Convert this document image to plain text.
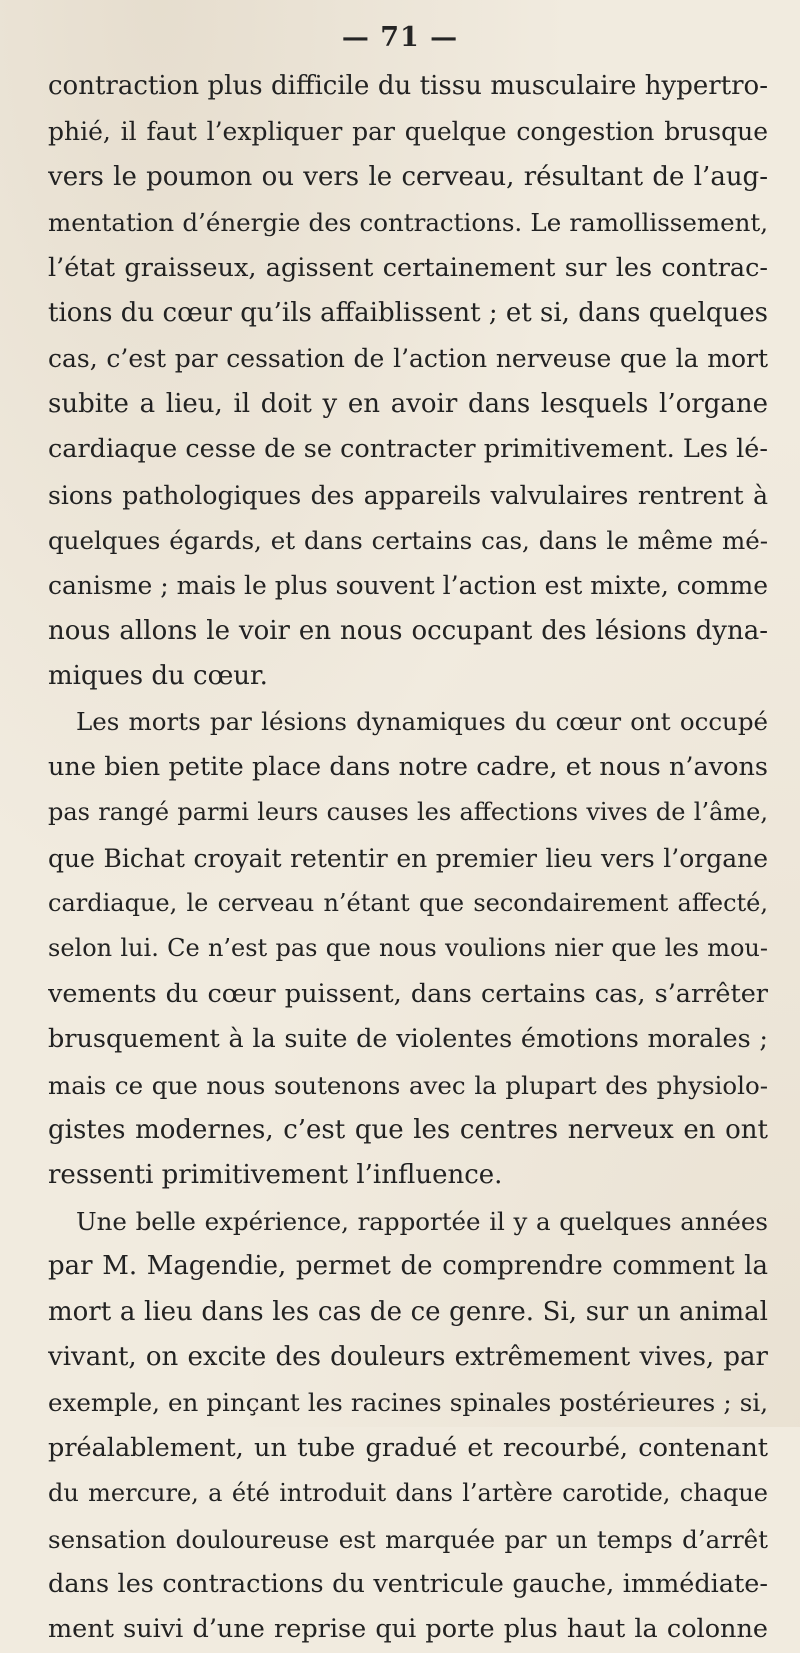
— 71 —
contraction plus difficile du tissu musculaire hypertro-
phié, il faut l’expliquer par quelque congestion brusque
vers le poumon ou vers le cerveau, résultant de l’aug-
mentation d’énergie des contractions. Le ramollissement,
l’état graisseux, agissent certainement sur les contrac-
tions du cœur qu’ils affaiblissent ; et si, dans quelques
cas, c’est par cessation de l’action nerveuse que la mort
subite a lieu, il doit y en avoir dans lesquels l’organe
cardiaque cesse de se contracter primitivement. Les lé-
sions pathologiques des appareils valvulaires rentrent à
quelques égards, et dans certains cas, dans le même mé-
canisme ; mais le plus souvent l’action est mixte, comme
nous allons le voir en nous occupant des lésions dyna-
miques du cœur.
Les morts par lésions dynamiques du cœur ont occupé
une bien petite place dans notre cadre, et nous n’avons
pas rangé parmi leurs causes les affections vives de l’âme,
que Bichat croyait retentir en premier lieu vers l’organe
cardiaque, le cerveau n’étant que secondairement affecté,
selon lui. Ce n’est pas que nous voulions nier que les mou-
vements du cœur puissent, dans certains cas, s’arrêter
brusquement à la suite de violentes émotions morales ;
mais ce que nous soutenons avec la plupart des physiolo-
gistes modernes, c’est que les centres nerveux en ont
ressenti primitivement l’influence.
Une belle expérience, rapportée il y a quelques années
par M. Magendie, permet de comprendre comment la
mort a lieu dans les cas de ce genre. Si, sur un animal
vivant, on excite des douleurs extrêmement vives, par
exemple, en pinçant les racines spinales postérieures ; si,
préalablement, un tube gradué et recourbé, contenant
du mercure, a été introduit dans l’artère carotide, chaque
sensation douloureuse est marquée par un temps d’arrêt
dans les contractions du ventricule gauche, immédiate-
ment suivi d’une reprise qui porte plus haut la colonne
